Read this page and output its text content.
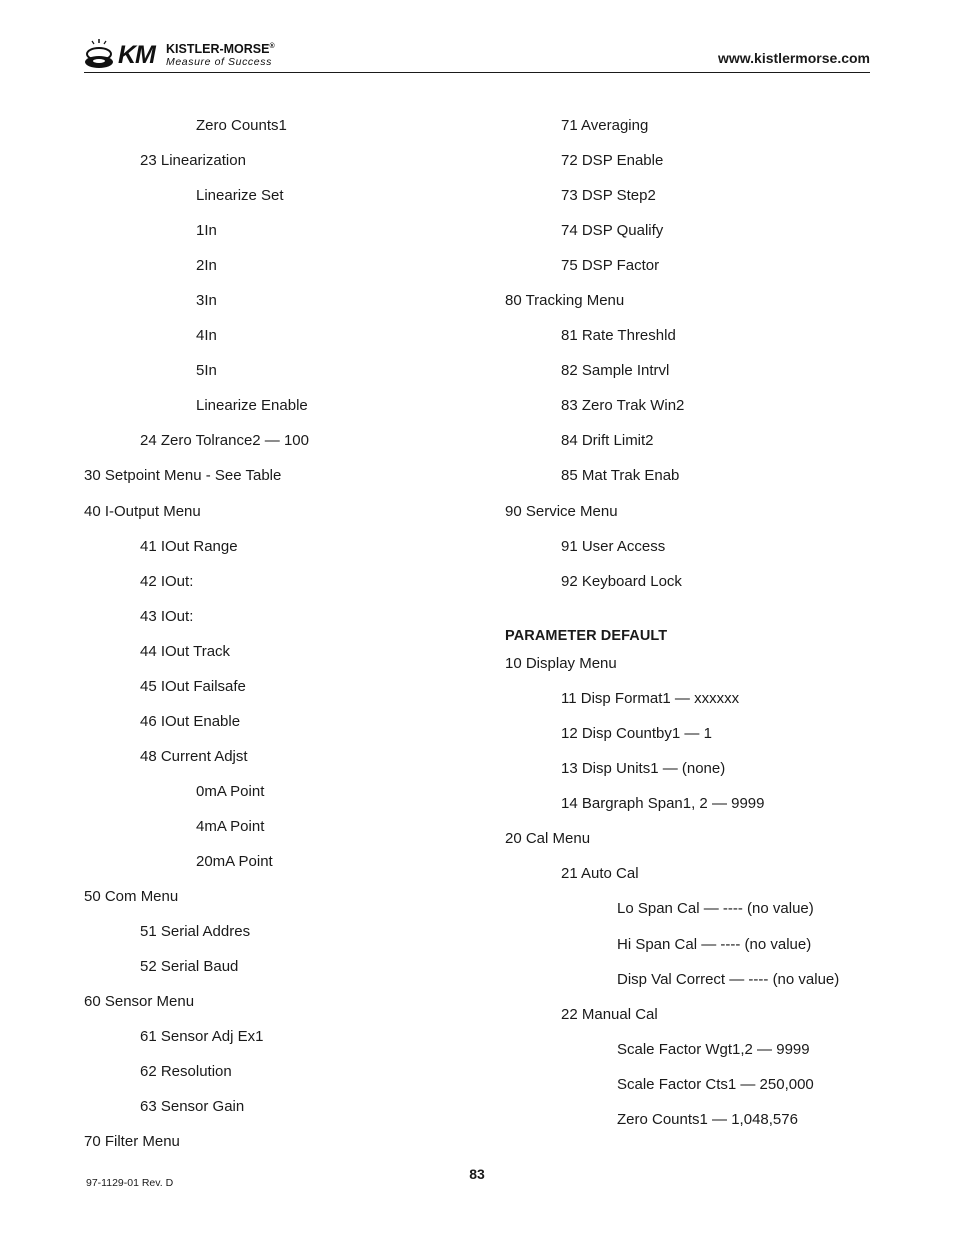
KM KISTLER-MORSE®
Measure of Success	www.kistlermorse.com
Zero Counts1
23 Linearization
Linearize Set
1In
2In
3In
4In
5In
Linearize Enable
24 Zero Tolrance2 — 100
30 Setpoint Menu - See Table
40 I-Output Menu
41 IOut Range
42 IOut:
43 IOut:
44 IOut Track
45 IOut Failsafe
46 IOut Enable
48 Current Adjst
0mA Point
4mA Point
20mA Point
50 Com Menu
51 Serial Addres
52 Serial Baud
60 Sensor Menu
61 Sensor Adj Ex1
62 Resolution
63 Sensor Gain
70 Filter Menu
71 Averaging
72 DSP Enable
73 DSP Step2
74 DSP Qualify
75 DSP Factor
80 Tracking Menu
81 Rate Threshld
82 Sample Intrvl
83 Zero Trak Win2
84 Drift Limit2
85 Mat Trak Enab
90 Service Menu
91 User Access
92 Keyboard Lock
PARAMETER DEFAULT
10 Display Menu
11 Disp Format1 — xxxxxx
12 Disp Countby1 — 1
13 Disp Units1 — (none)
14 Bargraph Span1, 2 — 9999
20 Cal Menu
21 Auto Cal
Lo Span Cal — ---- (no value)
Hi Span Cal — ---- (no value)
Disp Val Correct — ---- (no value)
22 Manual Cal
Scale Factor Wgt1,2 — 9999
Scale Factor Cts1 — 250,000
Zero Counts1 — 1,048,576
83
97-1129-01 Rev. D
